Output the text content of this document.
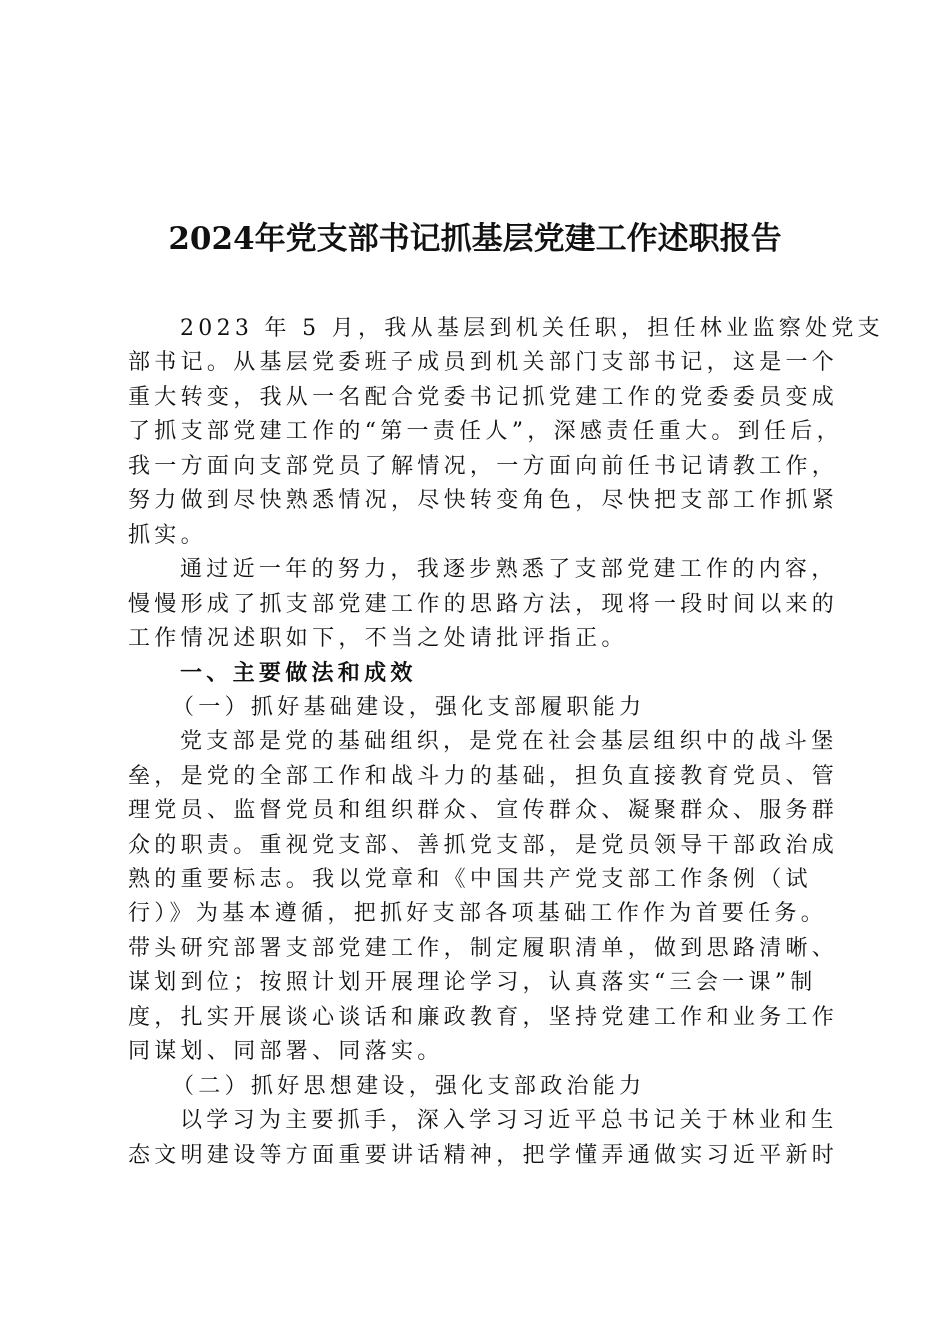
2024年党支部书记抓基层党建工作述职报告
2023 年 5 月，我从基层到机关任职，担任林业监察处党支
部书记。从基层党委班子成员到机关部门支部书记，这是一个
重大转变，我从一名配合党委书记抓党建工作的党委委员变成
了抓支部党建工作的“第一责任人”，深感责任重大。到任后，
我一方面向支部党员了解情况，一方面向前任书记请教工作，
努力做到尽快熟悉情况，尽快转变角色，尽快把支部工作抓紧
抓实。
通过近一年的努力，我逐步熟悉了支部党建工作的内容，
慢慢形成了抓支部党建工作的思路方法，现将一段时间以来的
工作情况述职如下，不当之处请批评指正。
一、主要做法和成效
（一）抓好基础建设，强化支部履职能力
党支部是党的基础组织，是党在社会基层组织中的战斗堡
垒，是党的全部工作和战斗力的基础，担负直接教育党员、管
理党员、监督党员和组织群众、宣传群众、凝聚群众、服务群
众的职责。重视党支部、善抓党支部，是党员领导干部政治成
熟的重要标志。我以党章和《中国共产党支部工作条例（试
行）》为基本遵循，把抓好支部各项基础工作作为首要任务。
带头研究部署支部党建工作，制定履职清单，做到思路清晰、
谋划到位；按照计划开展理论学习，认真落实“三会一课”制
度，扎实开展谈心谈话和廉政教育，坚持党建工作和业务工作
同谋划、同部署、同落实。
（二）抓好思想建设，强化支部政治能力
以学习为主要抓手，深入学习习近平总书记关于林业和生
态文明建设等方面重要讲话精神，把学懂弄通做实习近平新时
